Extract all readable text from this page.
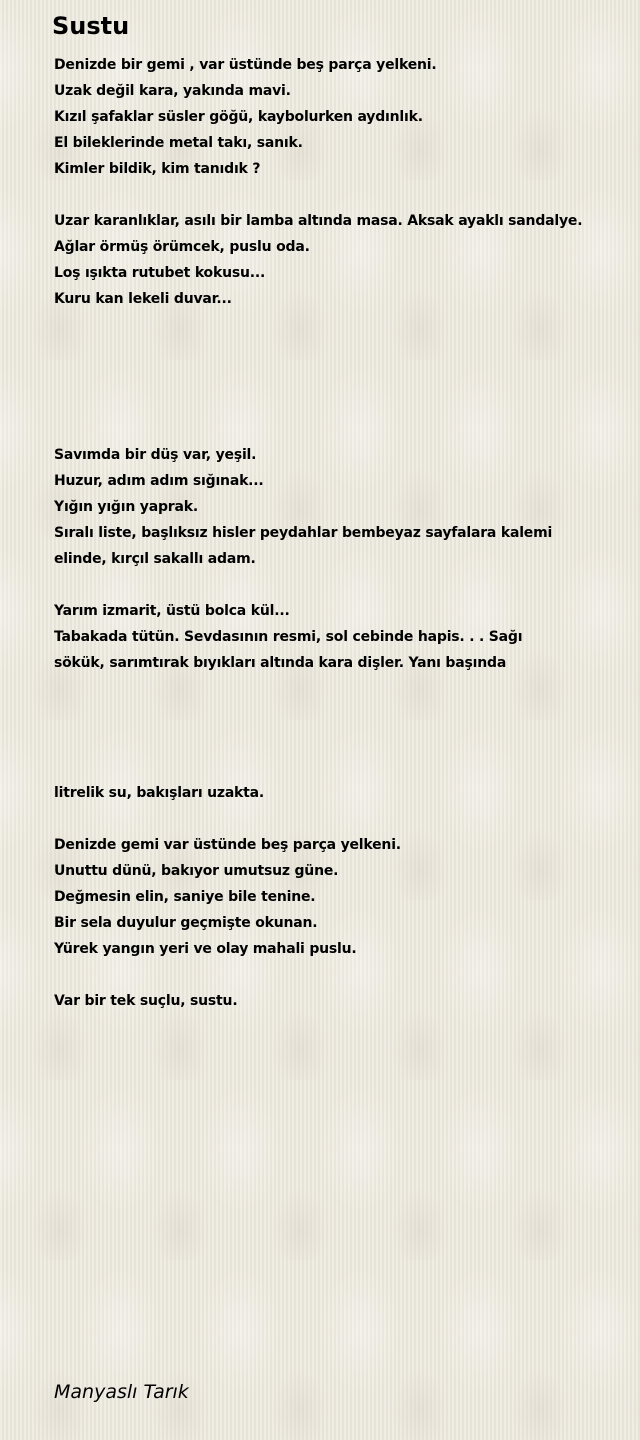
Sustu
Denizde bir gemi , var üstünde beş parça yelkeni.
Uzak değil kara, yakında mavi.
Kızıl şafaklar süsler göğü, kaybolurken aydınlık.
El bileklerinde metal takı, sanık.
Kimler bildik, kim tanıdık ?

Uzar karanlıklar, asılı bir lamba altında masa. Aksak ayaklı sandalye.
Ağlar örmüş örümcek, puslu oda.
Loş ışıkta rutubet kokusu...
Kuru kan lekeli duvar...

Savımda bir düş var, yeşil.
Huzur, adım adım sığınak...
Yığın yığın yaprak.
Sıralı liste, başlıksız hisler peydahlar bembeyaz sayfalara kalemi
elinde, kırçıl sakallı adam.

Yarım izmarit, üstü bolca kül...
Tabakada tütün. Sevdasının resmi, sol cebinde hapis. . . Sağı
sökük, sarımtırak bıyıkları altında kara dişler. Yanı başında

litrelik su, bakışları uzakta.

Denizde gemi var üstünde beş parça yelkeni.
Unuttu dünü, bakıyor umutsuz güne.
Değmesin elin, saniye bile tenine.
Bir sela duyulur geçmişte okunan.
Yürek yangın yeri ve olay mahali puslu.

Var bir tek suçlu, sustu.
Manyaslı Tarık
